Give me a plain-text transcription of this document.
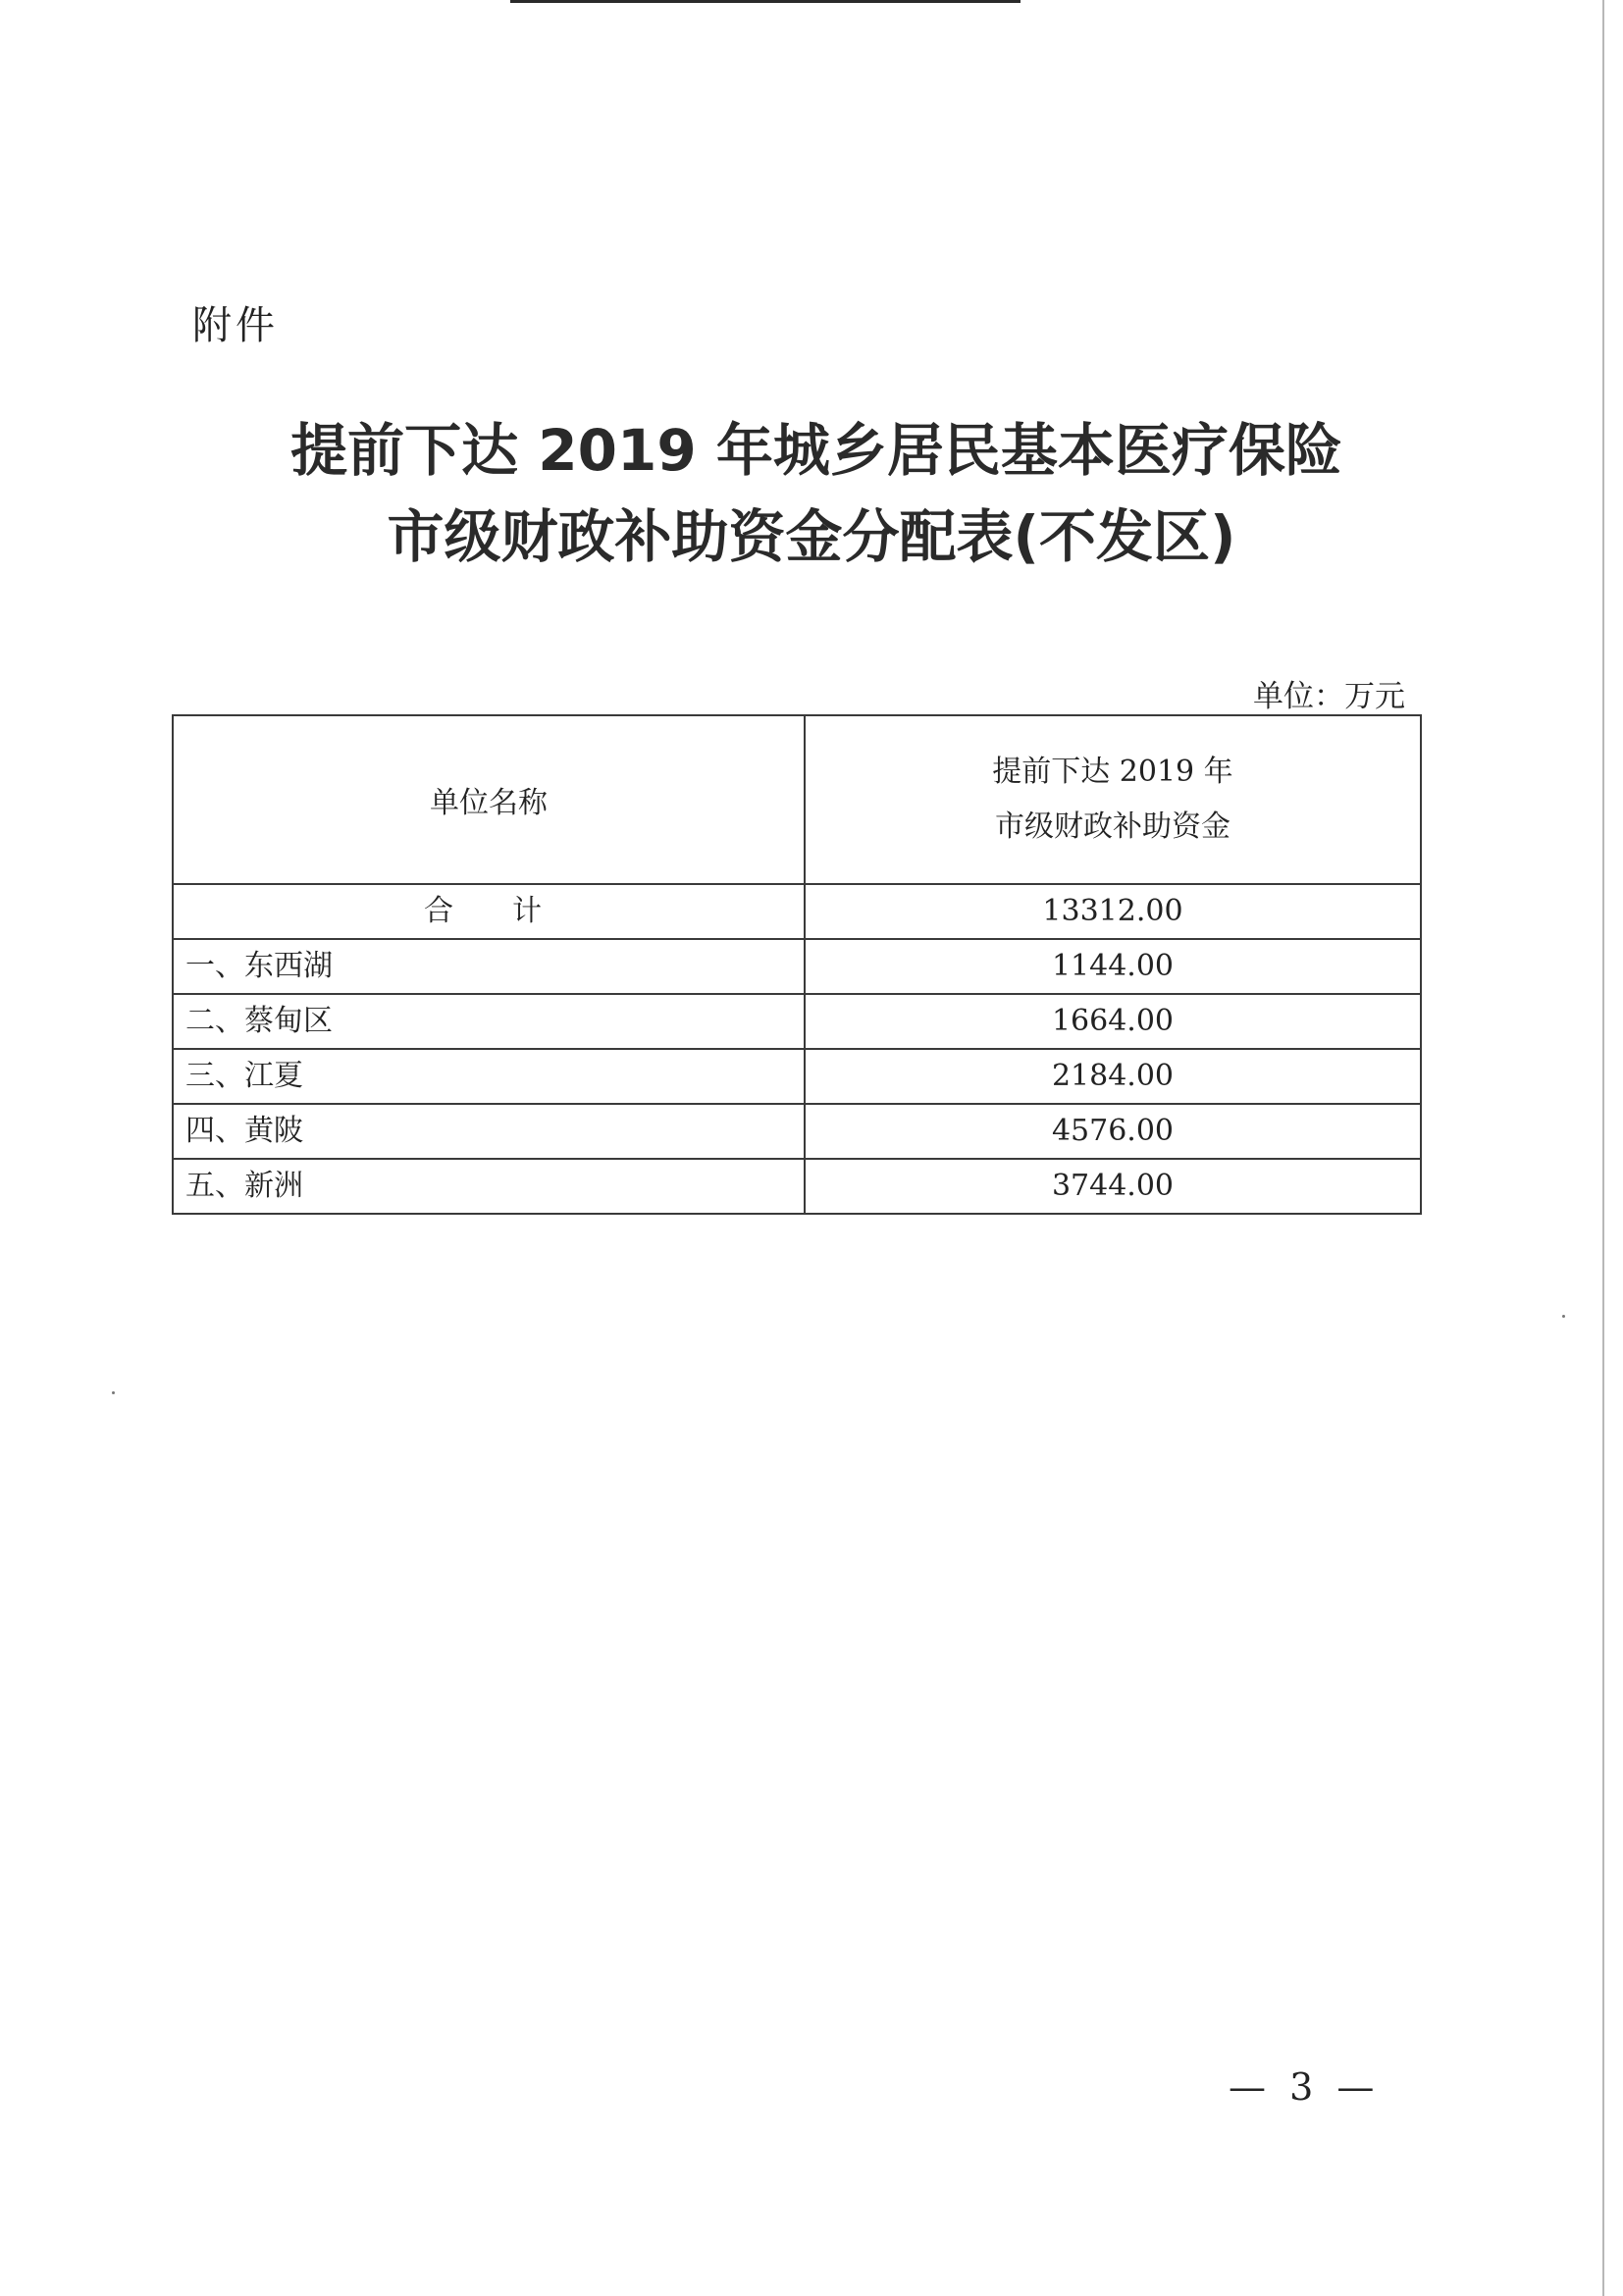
附件
提前下达 2019 年城乡居民基本医疗保险
市级财政补助资金分配表(不发区)
单位：万元
单位名称	提前下达 2019 年
市级财政补助资金

合计	13312.00
一、东西湖	1144.00
二、蔡甸区	1664.00
三、江夏	2184.00
四、黄陂	4576.00
五、新洲	3744.00
— 3 —
